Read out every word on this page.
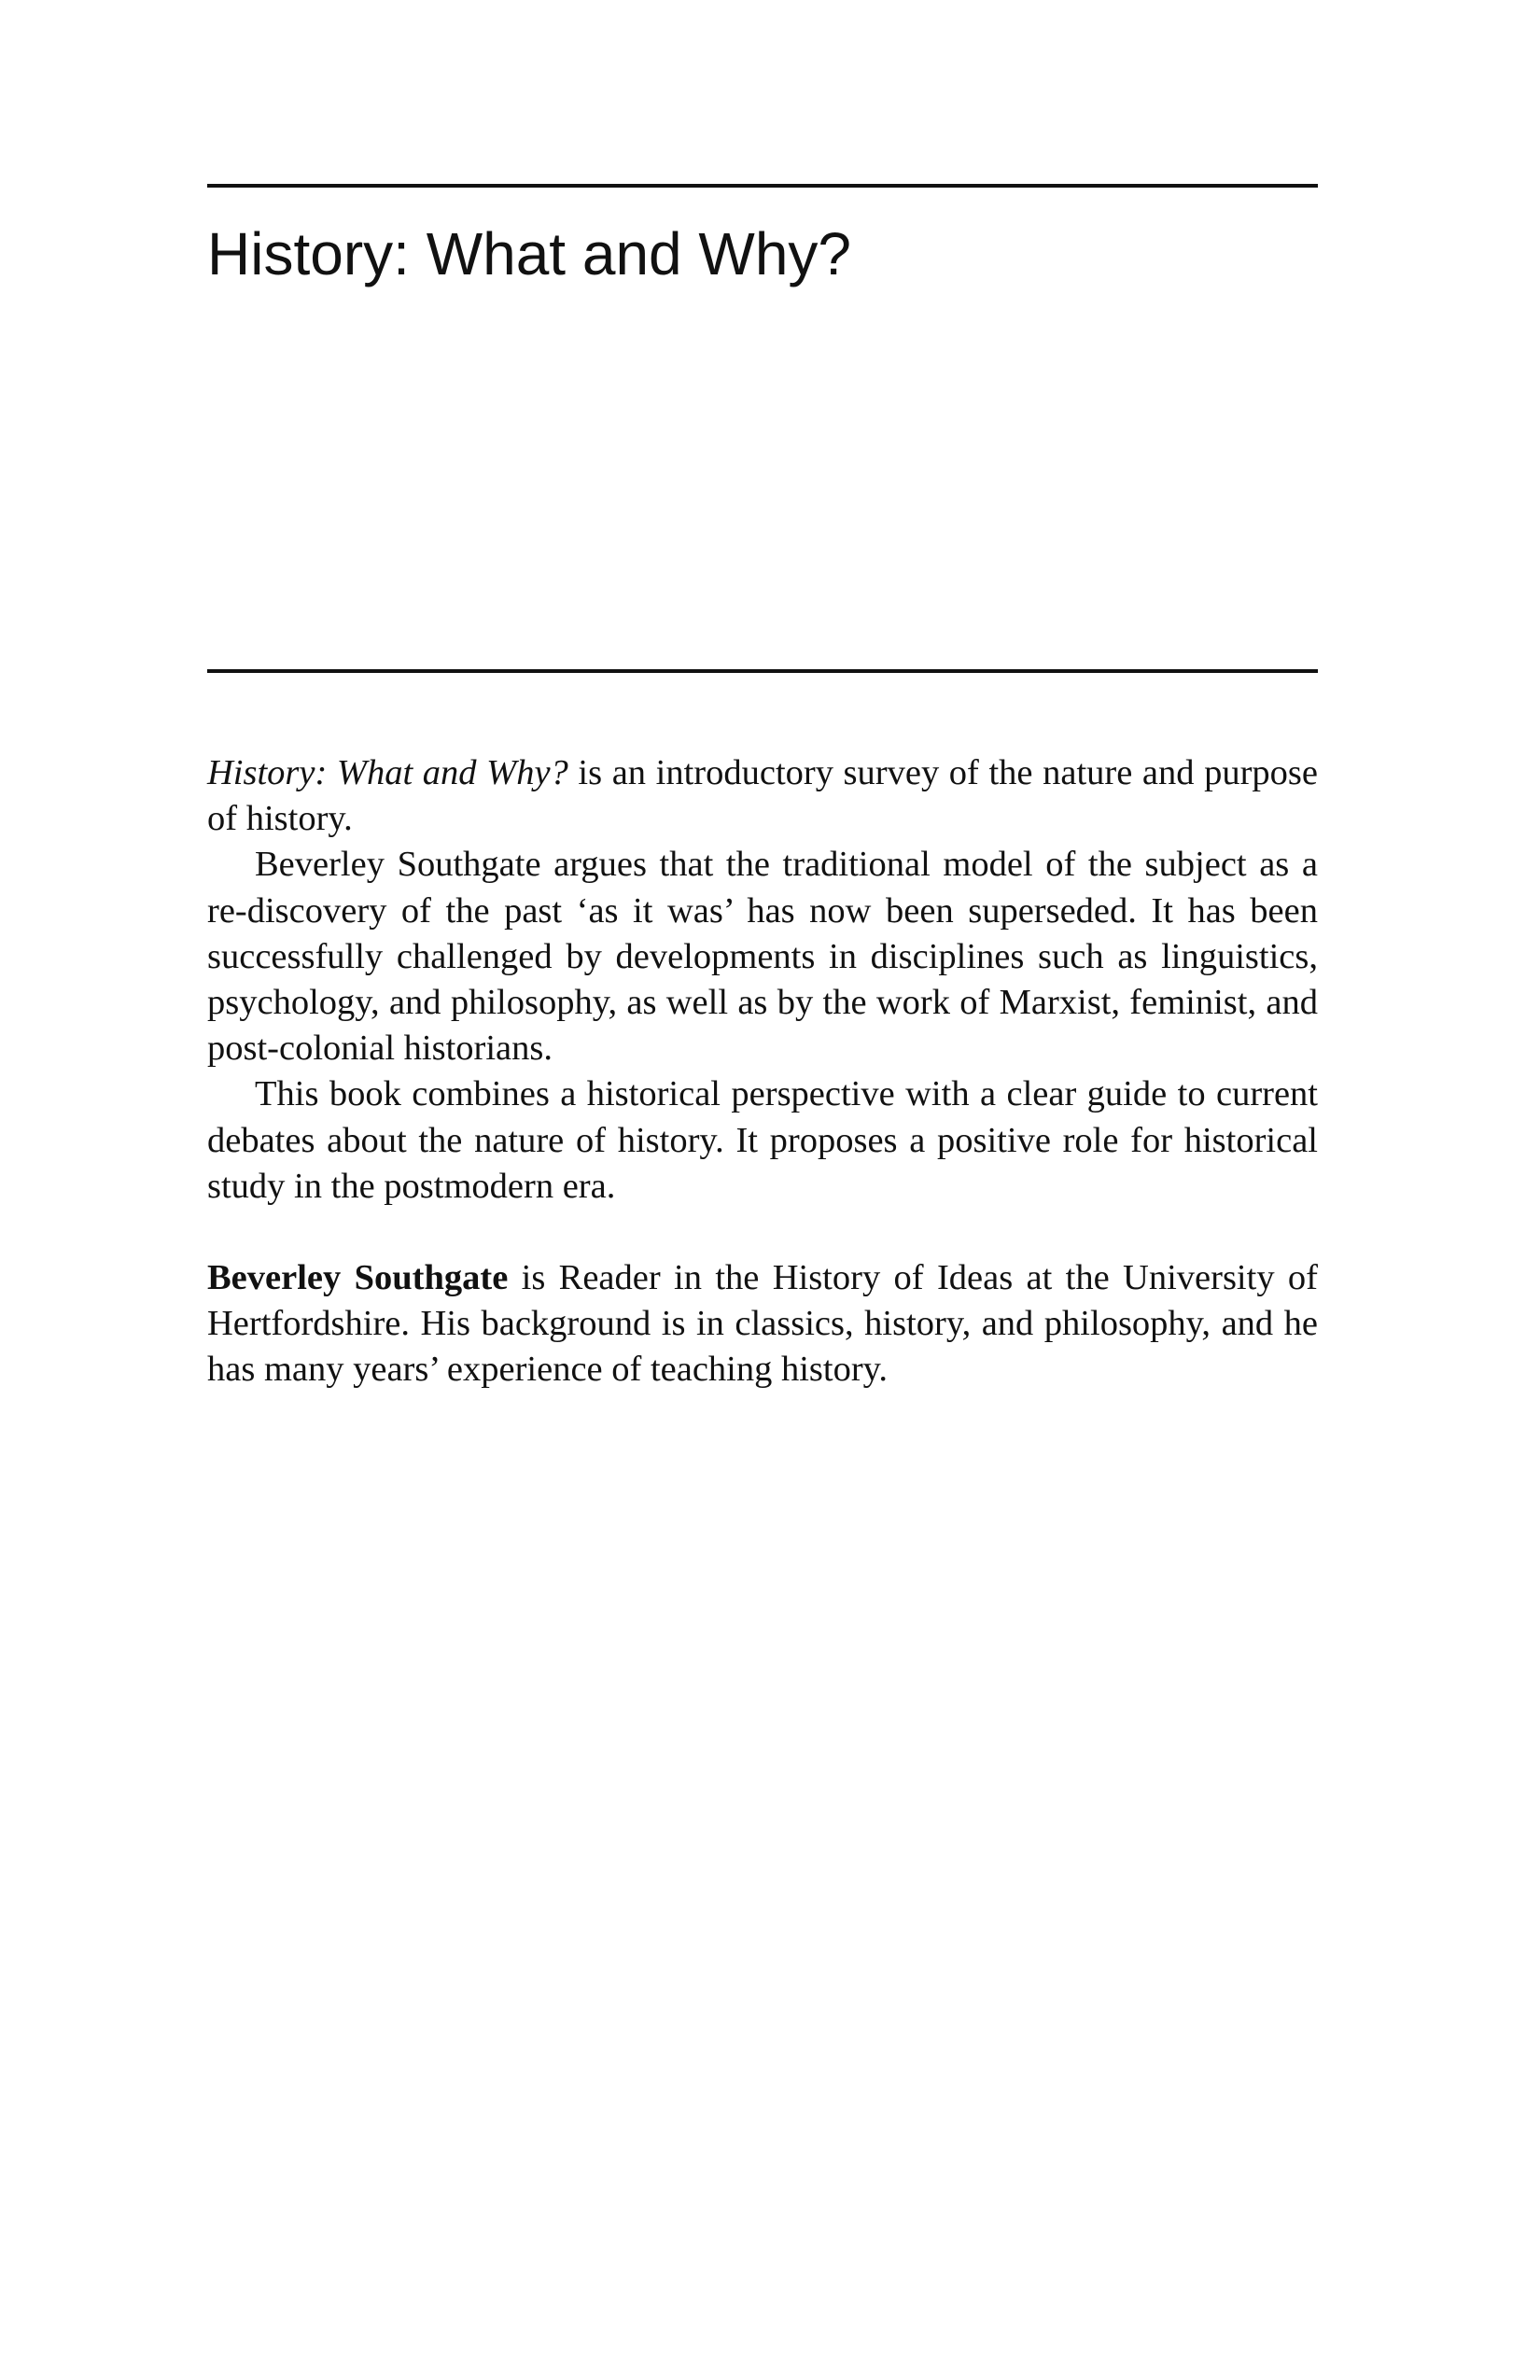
History: What and Why?

History: What and Why? is an introductory survey of the nature and purpose of history.

Beverley Southgate argues that the traditional model of the subject as a re-discovery of the past ‘as it was’ has now been superseded. It has been successfully challenged by developments in disciplines such as linguistics, psychology, and philosophy, as well as by the work of Marxist, feminist, and post-colonial historians.

This book combines a historical perspective with a clear guide to current debates about the nature of history. It proposes a positive role for historical study in the postmodern era.

Beverley Southgate is Reader in the History of Ideas at the University of Hertfordshire. His background is in classics, history, and philosophy, and he has many years’ experience of teaching history.
